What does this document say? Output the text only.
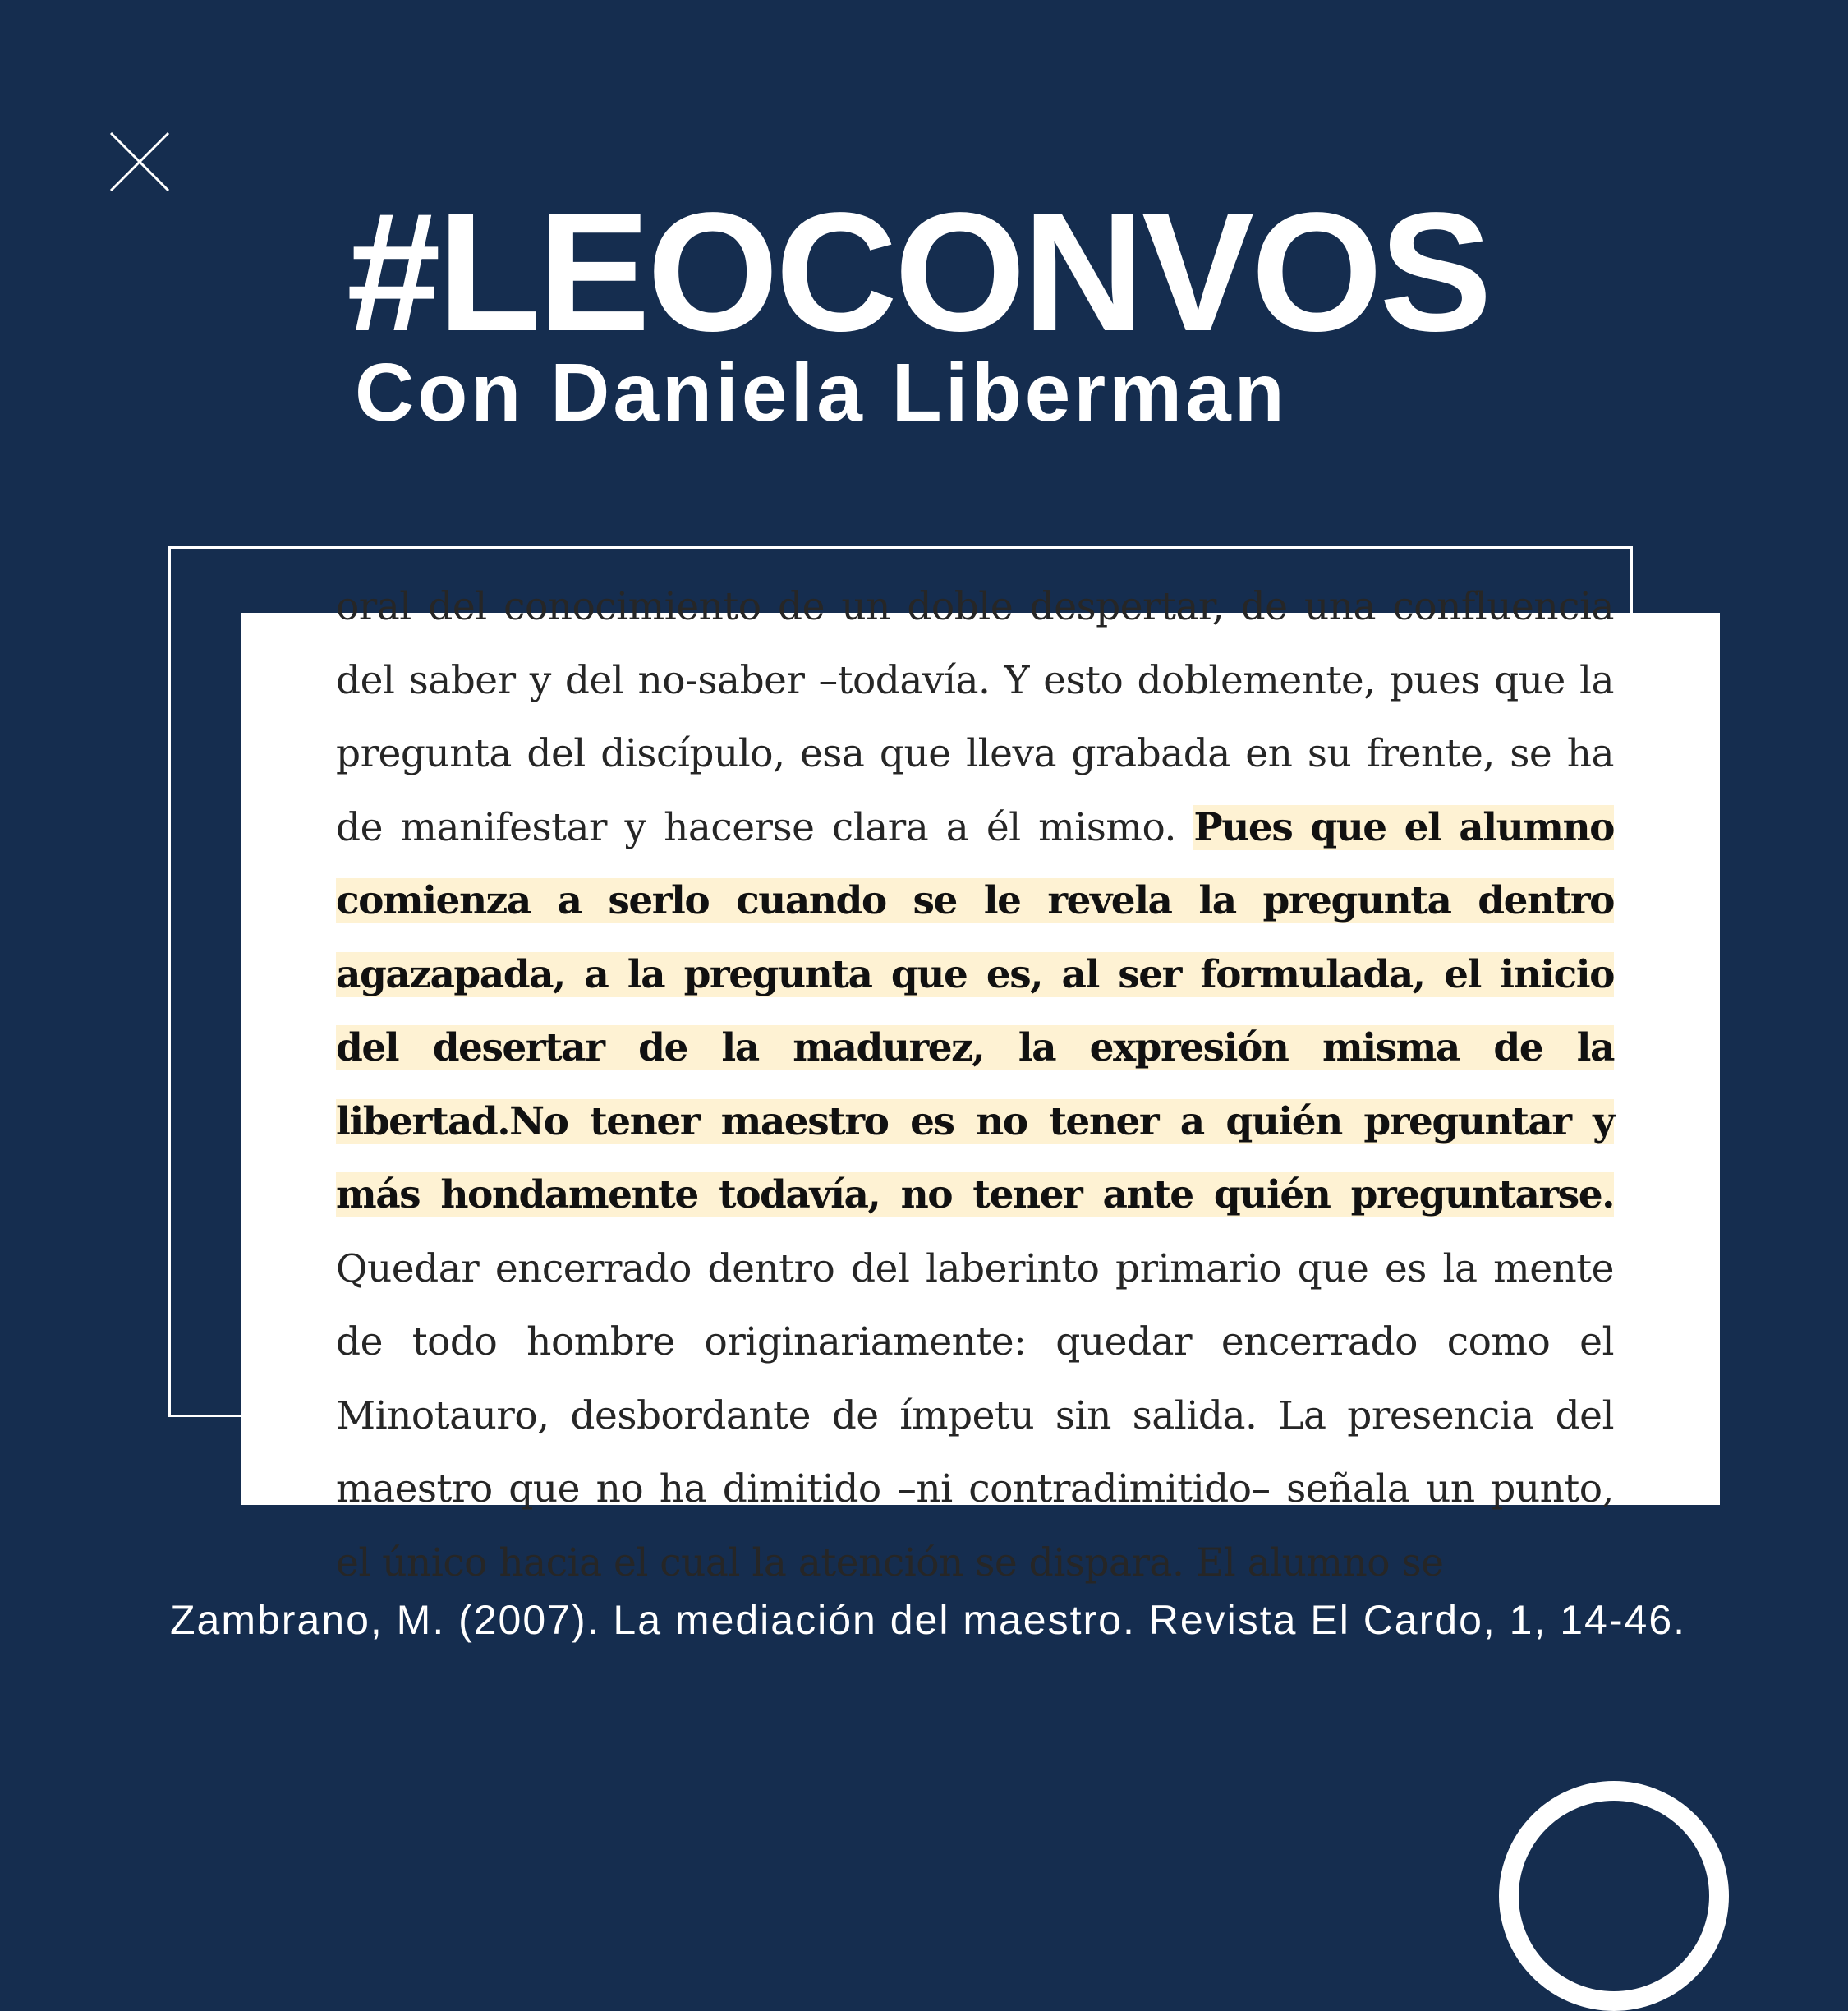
#LEOCONVOS
Con Daniela Liberman

oral del conocimiento de un doble despertar, de una confluencia del saber y del no-saber –todavía. Y esto doblemente, pues que la pregunta del discípulo, esa que lleva grabada en su frente, se ha de manifestar y hacerse clara a él mismo. Pues que el alumno comienza a serlo cuando se le revela la pregunta dentro agazapada, a la pregunta que es, al ser formulada, el inicio del desertar de la madurez, la expresión misma de la libertad.No tener maestro es no tener a quién preguntar y más hondamente todavía, no tener ante quién preguntarse. Quedar encerrado dentro del laberinto primario que es la mente de todo hombre originariamente: quedar encerrado como el Minotauro, desbordante de ímpetu sin salida. La presencia del maestro que no ha dimitido –ni contradimitido– señala un punto, el único hacia el cual la atención se dispara. El alumno se

Zambrano, M. (2007). La mediación del maestro. Revista El Cardo, 1, 14-46.
